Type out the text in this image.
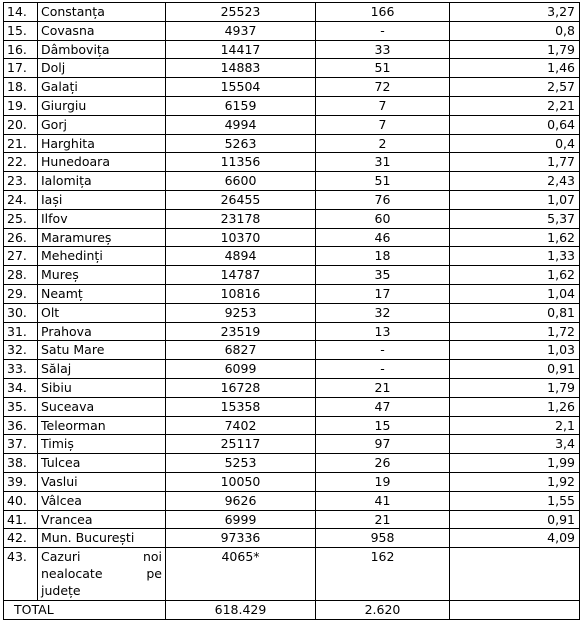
14.	Constanța	25523	166	3,27
15.	Covasna	4937	-	0,8
16.	Dâmbovița	14417	33	1,79
17.	Dolj	14883	51	1,46
18.	Galați	15504	72	2,57
19.	Giurgiu	6159	7	2,21
20.	Gorj	4994	7	0,64
21.	Harghita	5263	2	0,4
22.	Hunedoara	11356	31	1,77
23.	Ialomița	6600	51	2,43
24.	Iași	26455	76	1,07
25.	Ilfov	23178	60	5,37
26.	Maramureș	10370	46	1,62
27.	Mehedinți	4894	18	1,33
28.	Mureș	14787	35	1,62
29.	Neamț	10816	17	1,04
30.	Olt	9253	32	0,81
31.	Prahova	23519	13	1,72
32.	Satu Mare	6827	-	1,03
33.	Sălaj	6099	-	0,91
34.	Sibiu	16728	21	1,79
35.	Suceava	15358	47	1,26
36.	Teleorman	7402	15	2,1
37.	Timiș	25117	97	3,4
38.	Tulcea	5253	26	1,99
39.	Vaslui	10050	19	1,92
40.	Vâlcea	9626	41	1,55
41.	Vrancea	6999	21	0,91
42.	Mun. București	97336	958	4,09
43.	Cazuri noi nealocate pe județe	4065*	162	
TOTAL		618.429	2.620	
